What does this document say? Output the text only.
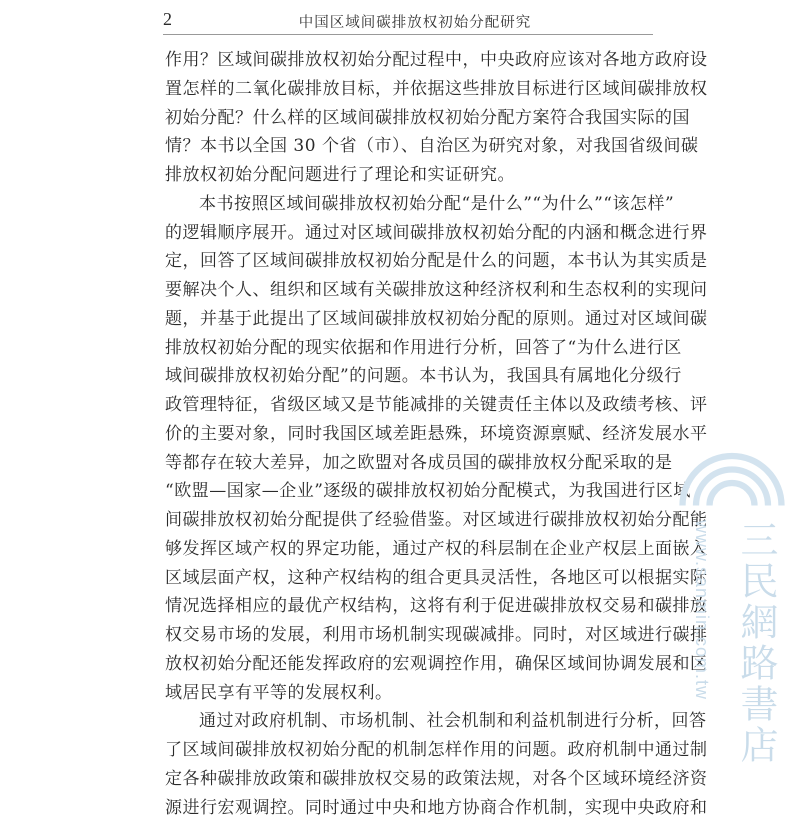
2	中国区域间碳排放权初始分配研究
作用？区域间碳排放权初始分配过程中，中央政府应该对各地方政府设
置怎样的二氧化碳排放目标，并依据这些排放目标进行区域间碳排放权
初始分配？什么样的区域间碳排放权初始分配方案符合我国实际的国
情？本书以全国 30 个省（市）、自治区为研究对象，对我国省级间碳
排放权初始分配问题进行了理论和实证研究。
本书按照区域间碳排放权初始分配“是什么”“为什么”“该怎样”
的逻辑顺序展开。通过对区域间碳排放权初始分配的内涵和概念进行界
定，回答了区域间碳排放权初始分配是什么的问题，本书认为其实质是
要解决个人、组织和区域有关碳排放这种经济权利和生态权利的实现问
题，并基于此提出了区域间碳排放权初始分配的原则。通过对区域间碳
排放权初始分配的现实依据和作用进行分析，回答了“为什么进行区
域间碳排放权初始分配”的问题。本书认为，我国具有属地化分级行
政管理特征，省级区域又是节能减排的关键责任主体以及政绩考核、评
价的主要对象，同时我国区域差距悬殊，环境资源禀赋、经济发展水平
等都存在较大差异，加之欧盟对各成员国的碳排放权分配采取的是
“欧盟—国家—企业”逐级的碳排放权初始分配模式，为我国进行区域
间碳排放权初始分配提供了经验借鉴。对区域进行碳排放权初始分配能
够发挥区域产权的界定功能，通过产权的科层制在企业产权层上面嵌入
区域层面产权，这种产权结构的组合更具灵活性，各地区可以根据实际
情况选择相应的最优产权结构，这将有利于促进碳排放权交易和碳排放
权交易市场的发展，利用市场机制实现碳减排。同时，对区域进行碳排
放权初始分配还能发挥政府的宏观调控作用，确保区域间协调发展和区
域居民享有平等的发展权利。
通过对政府机制、市场机制、社会机制和利益机制进行分析，回答
了区域间碳排放权初始分配的机制怎样作用的问题。政府机制中通过制
定各种碳排放政策和碳排放权交易的政策法规，对各个区域环境经济资
源进行宏观调控。同时通过中央和地方协商合作机制，实现中央政府和
三民網路書店
www.sanmin.com.tw
